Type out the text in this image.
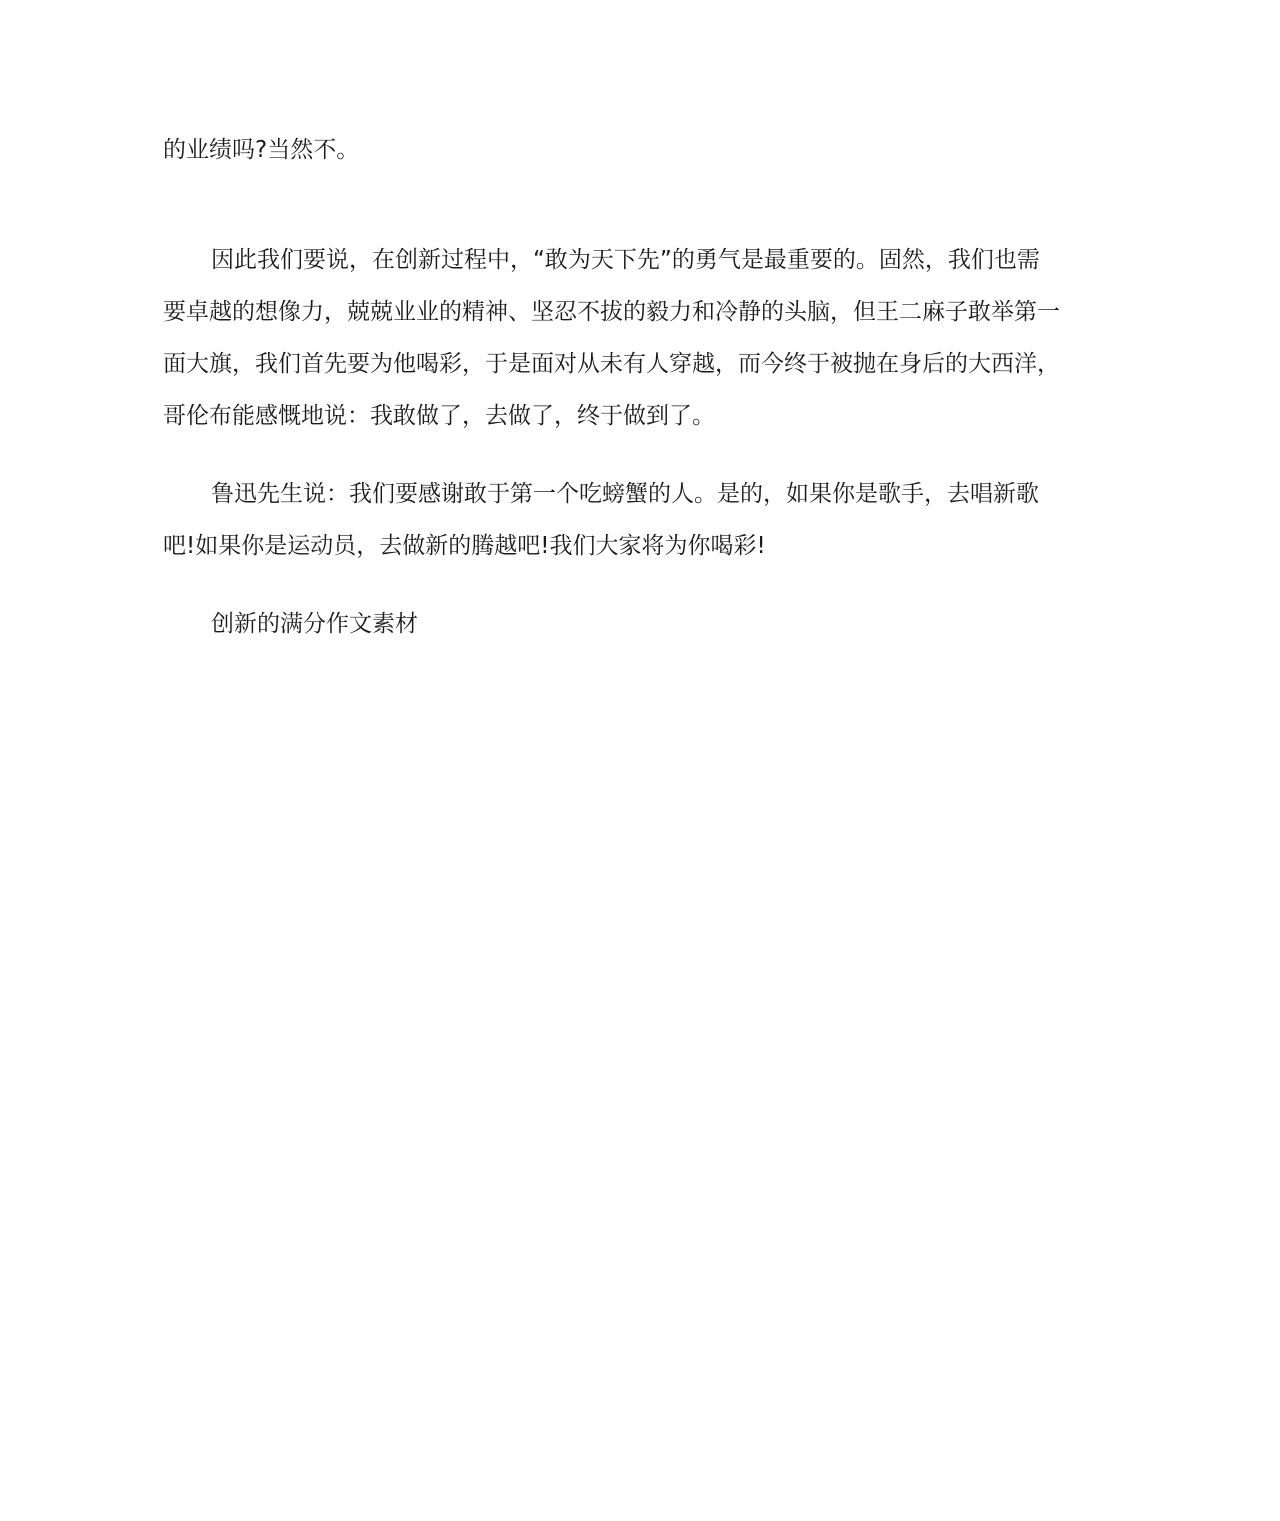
的业绩吗?当然不。
因此我们要说，在创新过程中，“敢为天下先”的勇气是最重要的。固然，我们也需
要卓越的想像力，兢兢业业的精神、坚忍不拔的毅力和冷静的头脑，但王二麻子敢举第一
面大旗，我们首先要为他喝彩，于是面对从未有人穿越，而今终于被抛在身后的大西洋，
哥伦布能感慨地说：我敢做了，去做了，终于做到了。
鲁迅先生说：我们要感谢敢于第一个吃螃蟹的人。是的，如果你是歌手，去唱新歌
吧!如果你是运动员，去做新的腾越吧!我们大家将为你喝彩!
创新的满分作文素材
